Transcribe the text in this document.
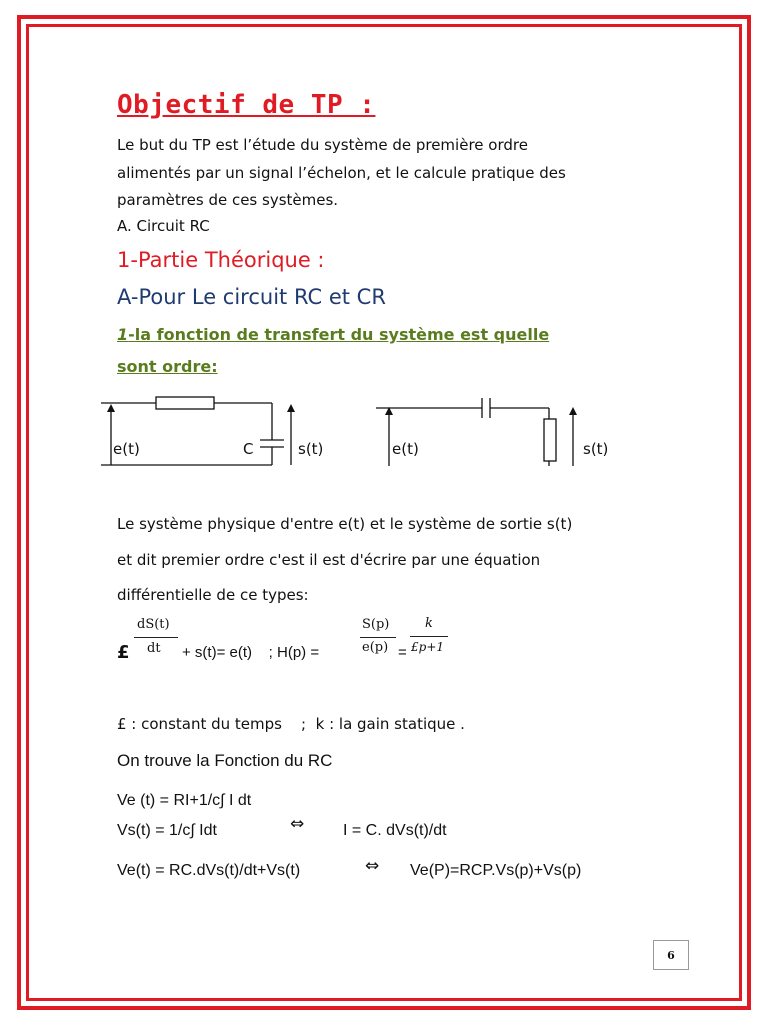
Objectif de TP :
Le but du TP est l’étude du système de première ordre
alimentés par un signal l’échelon, et le calcule pratique des
paramètres de ces systèmes.
A. Circuit RC
1-Partie Théorique :
A-Pour Le circuit RC et CR
1-la fonction de transfert du système est quelle
sont ordre:
e(t)	C	s(t)	e(t)	s(t)
Le système physique d'entre e(t) et le système de sortie s(t)
et dit premier ordre c'est il est d'écrire par une équation
différentielle de ce types:
£
dS(t)
dt + s(t)= e(t)    ; H(p) =
S(p)
e(p) =
k
£p+1
£ : constant du temps    ;  k : la gain statique .
On trouve la Fonction du RC
Ve (t) = RI+1/c∫ I dt
Vs(t) = 1/c∫ Idt	⇔ I = C. dVs(t)/dt
Ve(t) = RC.dVs(t)/dt+Vs(t)	⇔ Ve(P)=RCP.Vs(p)+Vs(p)
6
